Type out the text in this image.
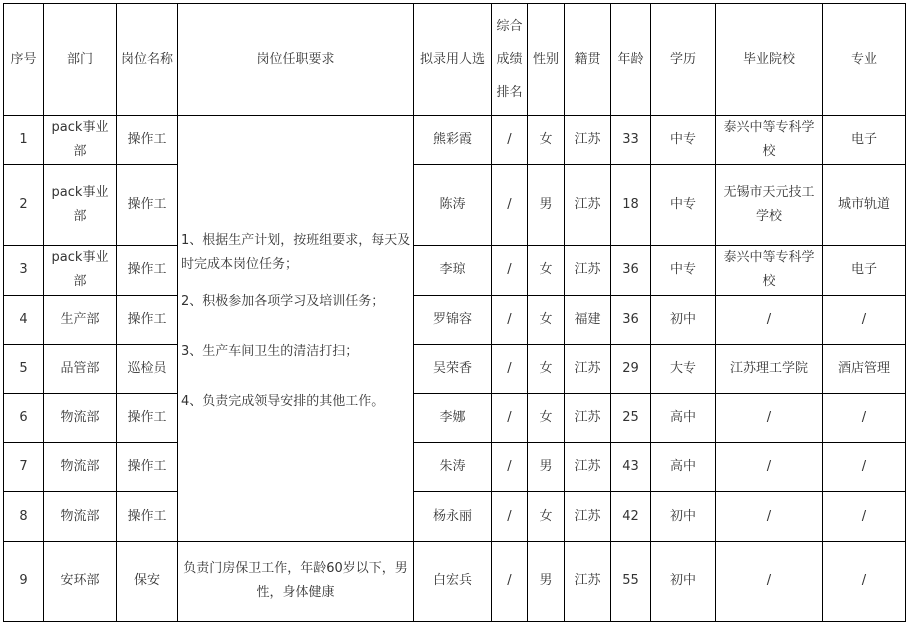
序号	部门	岗位名称	岗位任职要求	拟录用人选	综合成绩排名	性别	籍贯	年龄	学历	毕业院校	专业
1	pack事业部	操作工	1、根据生产计划，按班组要求，每天及时完成本岗位任务；

2、积极参加各项学习及培训任务；

3、生产车间卫生的清洁打扫；

4、负责完成领导安排的其他工作。	熊彩霞	/	女	江苏	33	中专	泰兴中等专科学校	电子
2	pack事业部	操作工		陈涛	/	男	江苏	18	中专	无锡市天元技工学校	城市轨道
3	pack事业部	操作工		李琼	/	女	江苏	36	中专	泰兴中等专科学校	电子
4	生产部	操作工		罗锦容	/	女	福建	36	初中	/	/
5	品管部	巡检员		吴荣香	/	女	江苏	29	大专	江苏理工学院	酒店管理
6	物流部	操作工		李娜	/	女	江苏	25	高中	/	/
7	物流部	操作工		朱涛	/	男	江苏	43	高中	/	/
8	物流部	操作工		杨永丽	/	女	江苏	42	初中	/	/
9	安环部	保安	负责门房保卫工作，年龄60岁以下，男性，身体健康	白宏兵	/	男	江苏	55	初中	/	/
